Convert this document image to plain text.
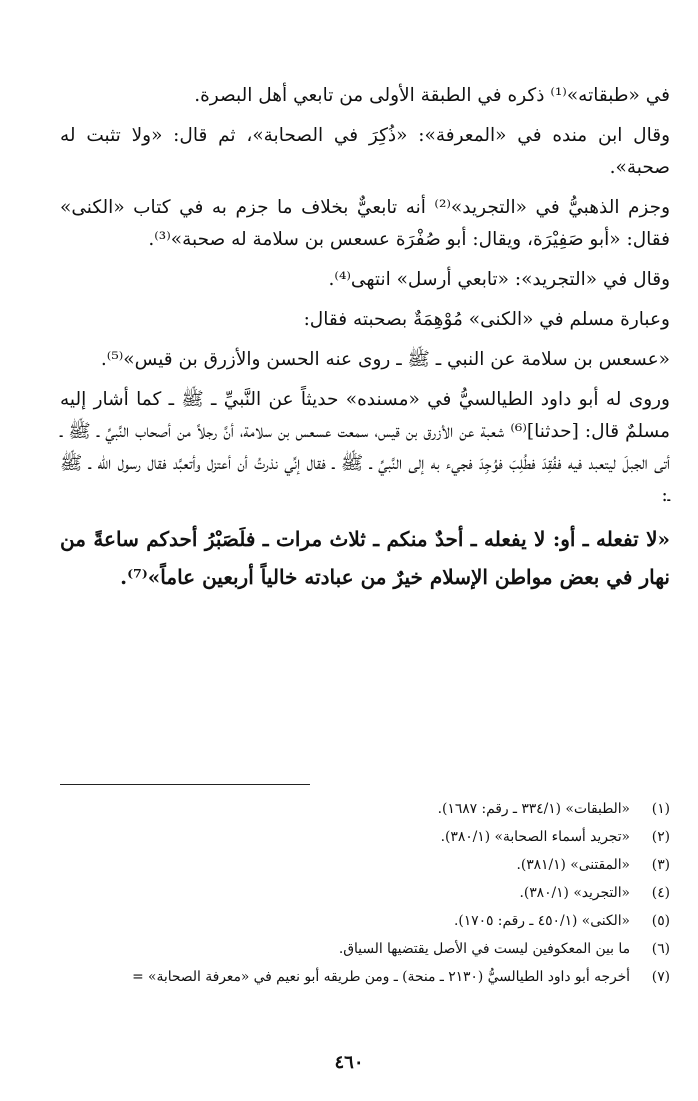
في «طبقاته»⁽¹⁾ ذكره في الطبقة الأولى من تابعي أهل البصرة.

وقال ابن منده في «المعرفة»: «ذُكِرَ في الصحابة»، ثم قال: «ولا تثبت له صحبة».

وجزم الذهبيُّ في «التجريد»⁽²⁾ أنه تابعيٌّ بخلاف ما جزم به في كتاب «الكنى» فقال: «أبو صَفِيْرَة، ويقال: أبو صُفْرَة عسعس بن سلامة له صحبة»⁽³⁾.

وقال في «التجريد»: «تابعي أرسل» انتهى⁽⁴⁾.

وعبارة مسلم في «الكنى» مُوْهِمَةٌ بصحبته فقال:

«عسعس بن سلامة عن النبي ـ ﷺ ـ روى عنه الحسن والأزرق بن قيس»⁽⁵⁾.

وروى له أبو داود الطيالسيُّ في «مسنده» حديثاً عن النَّبيِّ ـ ﷺ ـ كما أشار إليه مسلمٌ قال: [حدثنا]⁽⁶⁾ شعبة عن الأزرق بن قيس، سمعت عسعس بن سلامة، أنَّ رجلاً من أصحاب النَّبيِّ ـ ﷺ ـ أتى الجبلَ ليتعبد فيه ففُقِدَ فطُلِبَ فوُجِدَ فجيء به إلى النَّبيِّ ـ ﷺ ـ فقال إنِّي نذرتُ أن أعتزل وأتعبَّد فقال رسول الله ـ ﷺ ـ:

«لا تفعله ـ أو: لا يفعله ـ أحدٌ منكم ـ ثلاث مرات ـ فلَصَبْرُ أحدكم ساعةً من نهار في بعض مواطن الإسلام خيرٌ من عبادته خالياً أربعين عاماً»⁽⁷⁾.

(١)
«الطبقات» (٣٣٤/١ ـ رقم: ١٦٨٧).
(٢)
«تجريد أسماء الصحابة» (٣٨٠/١).
(٣)
«المقتنى» (٣٨١/١).
(٤)
«التجريد» (٣٨٠/١).
(٥)
«الكنى» (٤٥٠/١ ـ رقم: ١٧٠٥).
(٦)
ما بين المعكوفين ليست في الأصل يقتضيها السياق.
(٧)
أخرجه أبو داود الطيالسيُّ (٢١٣٠ ـ منحة) ـ ومن طريقه أبو نعيم في «معرفة الصحابة» =
٤٦٠
